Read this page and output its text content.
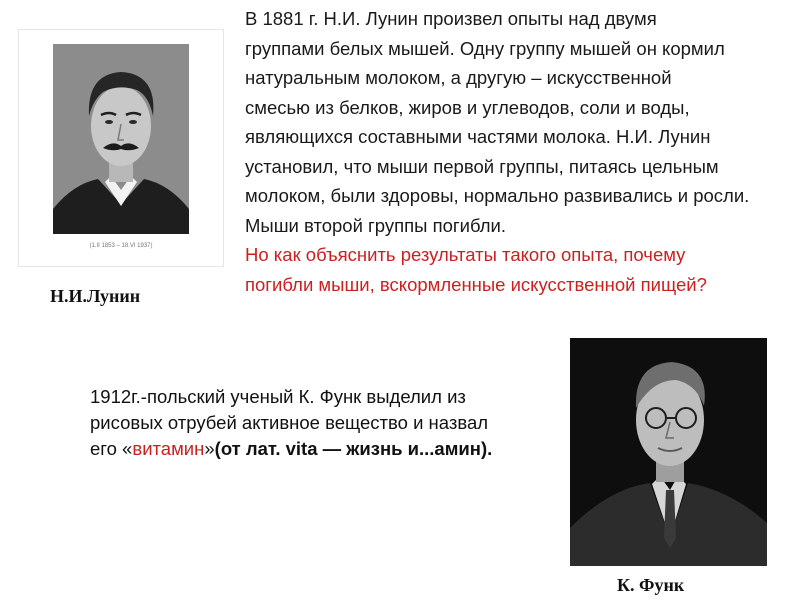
(1.II 1853 – 18.VI 1937)
Н.И.Лунин

В 1881 г. Н.И. Лунин произвел опыты над двумя

группами белых мышей. Одну группу мышей он кормил

натуральным молоком, а другую – искусственной

смесью из белков, жиров и углеводов, соли и воды,

являющихся составными частями молока. Н.И. Лунин

установил, что мыши первой группы, питаясь цельным

молоком, были здоровы, нормально развивались и росли.

Мыши второй группы погибли.

Но как объяснить результаты такого опыта, почему

погибли мыши, вскормленные искусственной пищей?

К. Функ
1912г.-польский ученый К. Функ выделил из рисовых отрубей активное вещество и назвал его «витамин»(от лат. vita — жизнь и...амин).
